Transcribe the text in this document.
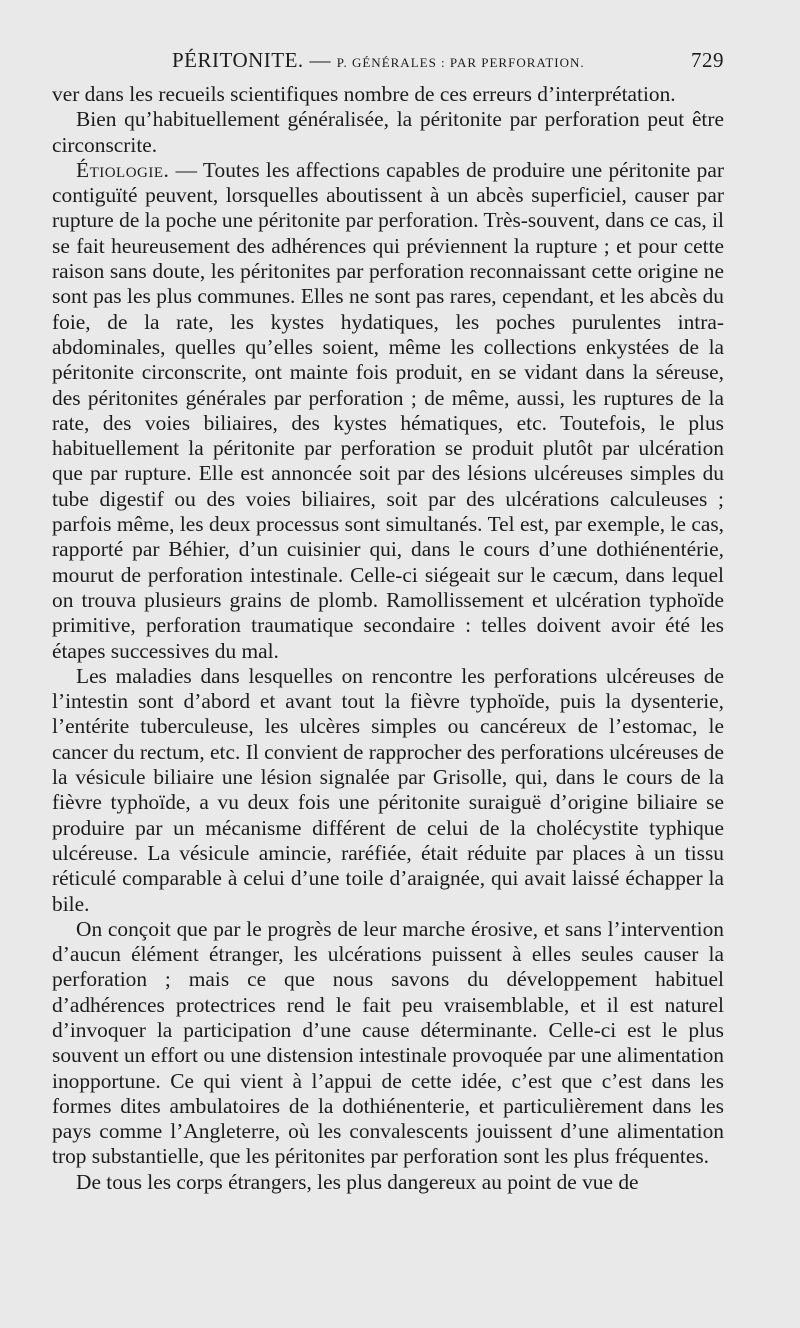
PÉRITONITE. — P. GÉNÉRALES : PAR PERFORATION.	729

ver dans les recueils scientifiques nombre de ces erreurs d’interprétation.

Bien qu’habituellement généralisée, la péritonite par perforation peut être circonscrite.

Étiologie. — Toutes les affections capables de produire une péritonite par contiguïté peuvent, lorsquelles aboutissent à un abcès superficiel, causer par rupture de la poche une péritonite par perforation. Très-souvent, dans ce cas, il se fait heureusement des adhérences qui préviennent la rupture ; et pour cette raison sans doute, les péritonites par perforation reconnaissant cette origine ne sont pas les plus communes. Elles ne sont pas rares, cependant, et les abcès du foie, de la rate, les kystes hydatiques, les poches purulentes intra-abdominales, quelles qu’elles soient, même les collections enkystées de la péritonite circonscrite, ont mainte fois produit, en se vidant dans la séreuse, des péritonites générales par perforation ; de même, aussi, les ruptures de la rate, des voies biliaires, des kystes hématiques, etc. Toutefois, le plus habituellement la péritonite par perforation se produit plutôt par ulcération que par rupture. Elle est annoncée soit par des lésions ulcéreuses simples du tube digestif ou des voies biliaires, soit par des ulcérations calculeuses ; parfois même, les deux processus sont simultanés. Tel est, par exemple, le cas, rapporté par Béhier, d’un cuisinier qui, dans le cours d’une dothiénentérie, mourut de perforation intestinale. Celle-ci siégeait sur le cæcum, dans lequel on trouva plusieurs grains de plomb. Ramollissement et ulcération typhoïde primitive, perforation traumatique secondaire : telles doivent avoir été les étapes successives du mal.

Les maladies dans lesquelles on rencontre les perforations ulcéreuses de l’intestin sont d’abord et avant tout la fièvre typhoïde, puis la dysenterie, l’entérite tuberculeuse, les ulcères simples ou cancéreux de l’estomac, le cancer du rectum, etc. Il convient de rapprocher des perforations ulcéreuses de la vésicule biliaire une lésion signalée par Grisolle, qui, dans le cours de la fièvre typhoïde, a vu deux fois une péritonite suraiguë d’origine biliaire se produire par un mécanisme différent de celui de la cholécystite typhique ulcéreuse. La vésicule amincie, raréfiée, était réduite par places à un tissu réticulé comparable à celui d’une toile d’araignée, qui avait laissé échapper la bile.

On conçoit que par le progrès de leur marche érosive, et sans l’intervention d’aucun élément étranger, les ulcérations puissent à elles seules causer la perforation ; mais ce que nous savons du développement habituel d’adhérences protectrices rend le fait peu vraisemblable, et il est naturel d’invoquer la participation d’une cause déterminante. Celle-ci est le plus souvent un effort ou une distension intestinale provoquée par une alimentation inopportune. Ce qui vient à l’appui de cette idée, c’est que c’est dans les formes dites ambulatoires de la dothiénenterie, et particulièrement dans les pays comme l’Angleterre, où les convalescents jouissent d’une alimentation trop substantielle, que les péritonites par perforation sont les plus fréquentes.

De tous les corps étrangers, les plus dangereux au point de vue de
